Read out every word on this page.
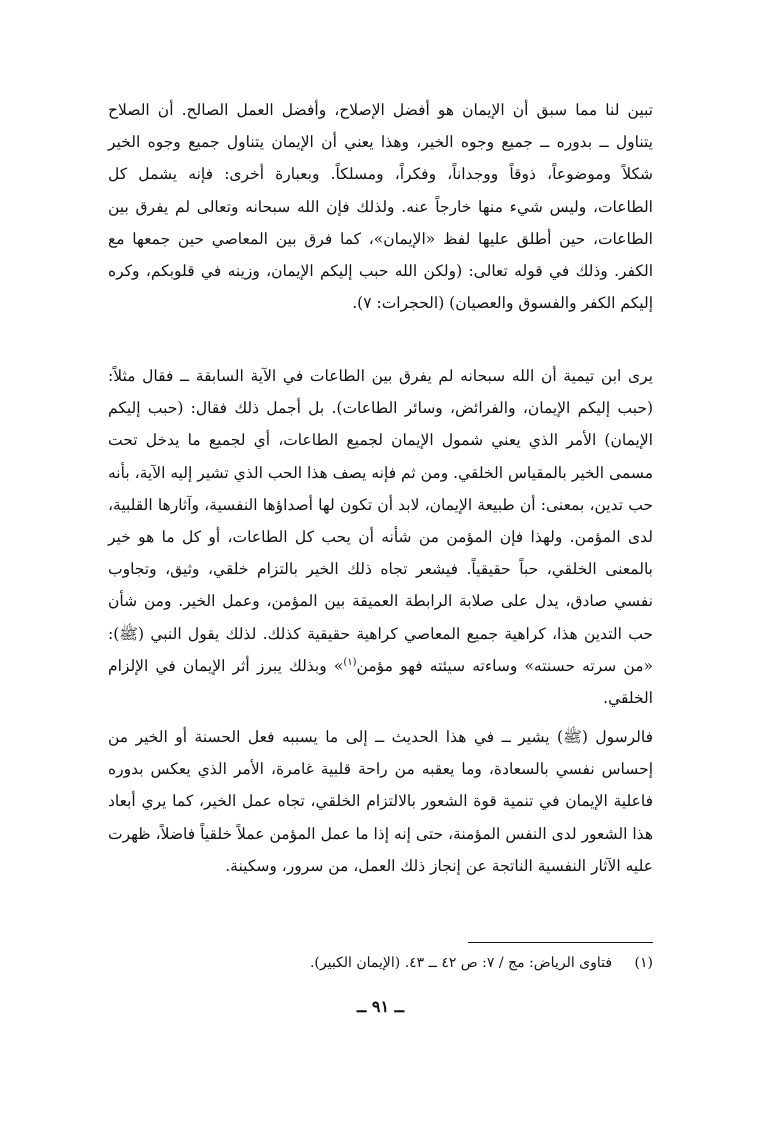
تبين لنا مما سبق أن الإيمان هو أفضل الإصلاح، وأفضل العمل الصالح. أن الصلاح يتناول ــ بدوره ــ جميع وجوه الخير، وهذا يعني أن الإيمان يتناول جميع وجوه الخير شكلاً وموضوعاً، ذوقاً ووجداناً، وفكراً، ومسلكاً. وبعبارة أخرى: فإنه يشمل كل الطاعات، وليس شيء منها خارجاً عنه. ولذلك فإن الله سبحانه وتعالى لم يفرق بين الطاعات، حين أطلق عليها لفظ «الإيمان»، كما فرق بين المعاصي حين جمعها مع الكفر. وذلك في قوله تعالى: (ولكن الله حبب إليكم الإيمان، وزينه في قلوبكم، وكره إليكم الكفر والفسوق والعصيان) (الحجرات: ٧).

يرى ابن تيمية أن الله سبحانه لم يفرق بين الطاعات في الآية السابقة ــ فقال مثلاً: (حبب إليكم الإيمان، والفرائض، وسائر الطاعات). بل أجمل ذلك فقال: (حبب إليكم الإيمان) الأمر الذي يعني شمول الإيمان لجميع الطاعات، أي لجميع ما يدخل تحت مسمى الخير بالمقياس الخلقي. ومن ثم فإنه يصف هذا الحب الذي تشير إليه الآية، بأنه حب تدين، بمعنى: أن طبيعة الإيمان، لابد أن تكون لها أصداؤها النفسية، وآثارها القلبية، لدى المؤمن. ولهذا فإن المؤمن من شأنه أن يحب كل الطاعات، أو كل ما هو خير بالمعنى الخلقي، حباً حقيقياً. فيشعر تجاه ذلك الخير بالتزام خلقي، وثيق، وتجاوب نفسي صادق، يدل على صلابة الرابطة العميقة بين المؤمن، وعمل الخير. ومن شأن حب التدين هذا، كراهية جميع المعاصي كراهية حقيقية كذلك. لذلك يقول النبي (ﷺ): «من سرته حسنته» وساءته سيئته فهو مؤمن$^{(١)}$» وبذلك يبرز أثر الإيمان في الإلزام الخلقي.

فالرسول (ﷺ) يشير ــ في هذا الحديث ــ إلى ما يسببه فعل الحسنة أو الخير من إحساس نفسي بالسعادة، وما يعقبه من راحة قلبية غامرة، الأمر الذي يعكس بدوره فاعلية الإيمان في تنمية قوة الشعور بالالتزام الخلقي، تجاه عمل الخير، كما يري أبعاد هذا الشعور لدى النفس المؤمنة، حتى إنه إذا ما عمل المؤمن عملاً خلقياً فاضلاً، ظهرت عليه الآثار النفسية الناتجة عن إنجاز ذلك العمل، من سرور، وسكينة.

(١) فتاوى الرياض: مج / ٧: ص ٤٢ ــ ٤٣. (الإيمان الكبير).
ــ ٩١ ــ
